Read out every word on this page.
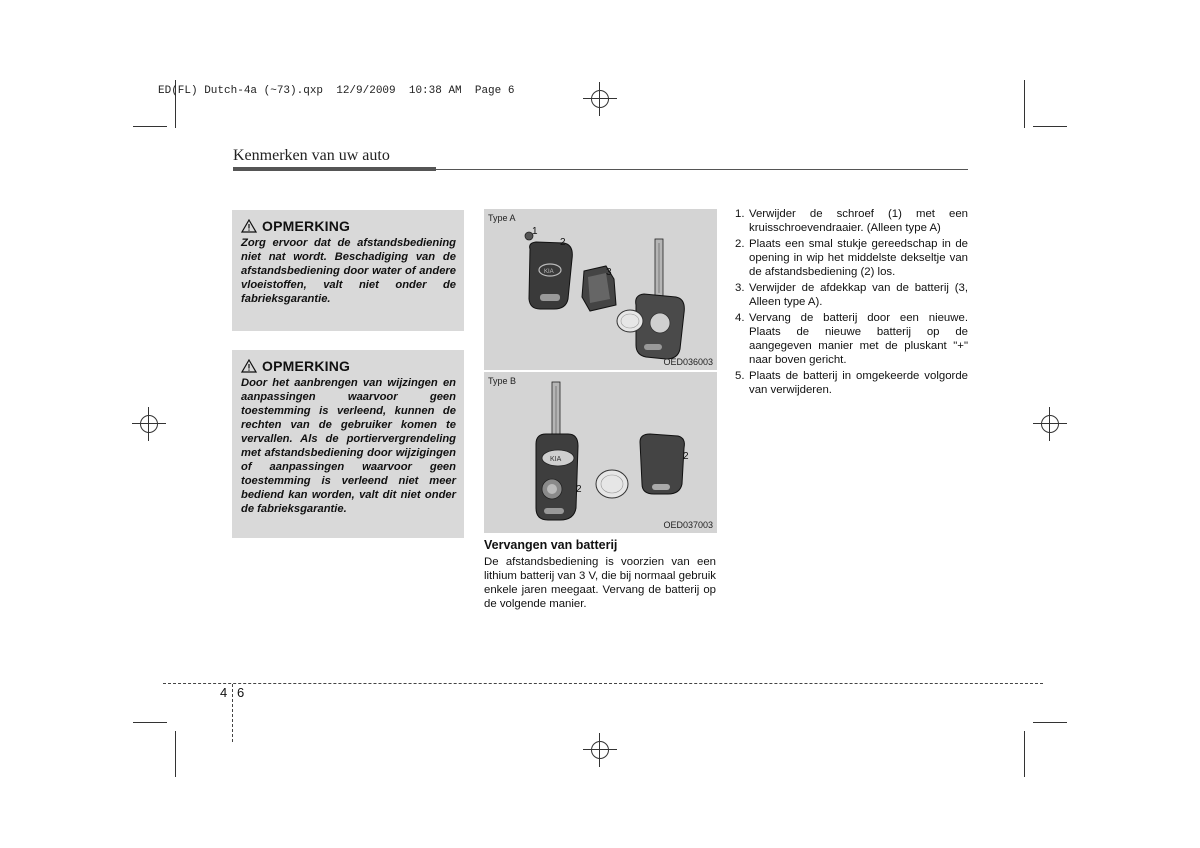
ED(FL) Dutch-4a (~73).qxp  12/9/2009  10:38 AM  Page 6
Kenmerken van uw auto
OPMERKING
Zorg ervoor dat de afstandsbediening niet nat wordt. Beschadiging van de afstandsbediening door water of andere vloeistoffen, valt niet onder de fabrieksgarantie.
OPMERKING
Door het aanbrengen van wijzingen en aanpassingen waarvoor geen toestemming is verleend, kunnen de rechten van de gebruiker komen te vervallen. Als de portiervergrendeling met afstandsbediening door wijzigingen of aanpassingen waarvoor geen toestemming is verleend niet meer bediend kan worden, valt dit niet onder de fabrieksgarantie.
Type A
KIA
1
2
3
OED036003
Type B
KIA
2
2
OED037003
Vervangen van batterij
De afstandsbediening is voorzien van een lithium batterij van 3 V, die bij normaal gebruik enkele jaren meegaat. Vervang de batterij op de volgende manier.
1. Verwijder de schroef (1) met een kruisschroevendraaier. (Alleen type A)
2. Plaats een smal stukje gereedschap in de opening in wip het middelste dekseltje van de afstandsbediening (2) los.
3. Verwijder de afdekkap van de batterij (3, Alleen type A).
4. Vervang de batterij door een nieuwe. Plaats de nieuwe batterij op de aangegeven manier met de pluskant "+" naar boven gericht.
5. Plaats de batterij in omgekeerde volgorde van verwijderen.
4 6
